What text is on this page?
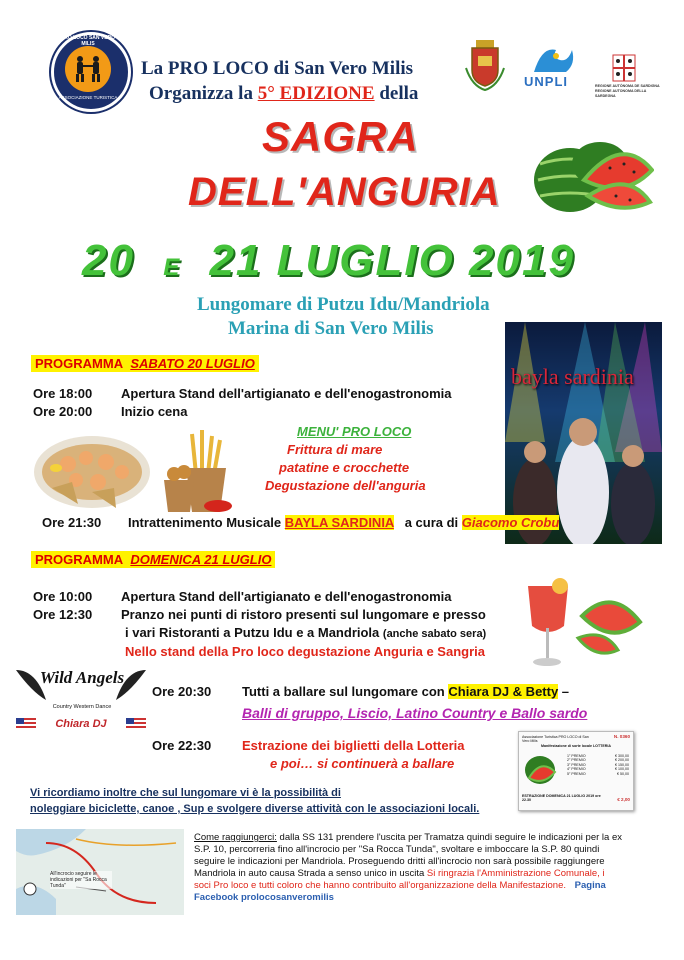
PRO LOCO SAN VERO MILIS
ASSOCIAZIONE TURISTICA
La PRO LOCO di San Vero Milis
Organizza la 5° EDIZIONE della
UNPLI	REGIONE AUTÒNOMA DE SARDIGNA REGIONE AUTONOMA DELLA SARDEGNA
SAGRA
DELL'ANGURIA
20 E 21 LUGLIO 2019
Lungomare di Putzu Idu/Mandriola
Marina di San Vero Milis
bayla sardinia
PROGRAMMA SABATO 20 LUGLIO
Ore 18:00 Apertura Stand dell'artigianato e dell'enogastronomia
Ore 20:00 Inizio cena
MENU' PRO LOCO
Frittura di mare
patatine e crocchette
Degustazione dell'anguria
Ore 21:30 Intrattenimento Musicale BAYLA SARDINIA a cura di Giacomo Crobu
PROGRAMMA DOMENICA 21 LUGLIO
Ore 10:00 Apertura Stand dell'artigianato e dell'enogastronomia
Ore 12:30 Pranzo nei punti di ristoro presenti sul lungomare e presso
i vari Ristoranti a Putzu Idu e a Mandriola (anche sabato sera)
Nello stand della Pro loco degustazione Anguria e Sangria
Wild Angels
Country Western Dance
Chiara DJ
Ore 20:30 Tutti a ballare sul lungomare con Chiara DJ & Betty –
Balli di gruppo, Liscio, Latino Country e Ballo sardo
Ore 22:30 Estrazione dei biglietti della Lotteria
e poi… si continuerà a ballare
Associazione Turistica PRO LOCO di San Vero Milis
N. 0360
Manifestazione di sorte locale LOTTERIA
1° PREMIO	€ 300,00
2° PREMIO	€ 200,00
3° PREMIO	€ 150,00
4° PREMIO	€ 100,00
5° PREMIO	€ 50,00
ESTRAZIONE DOMENICA 21 LUGLIO 2019 ore 22.30	€ 2,00
Vi ricordiamo inoltre che sul lungomare vi è la possibilità di
noleggiare biciclette, canoe , Sup e svolgere diverse attività con le associazioni locali.
All'incrocio seguire le indicazioni per "Sa Rocca Tunda"
Come raggiungerci: dalla SS 131 prendere l'uscita per Tramatza quindi seguire le indicazioni per la ex S.P. 10, percorreria fino all'incrocio per "Sa Rocca Tunda", svoltare e imboccare la S.P. 80 quindi seguire le indicazioni per Mandriola. Proseguendo dritti all'incrocio non sarà possibile raggiungere Mandriola in auto causa Strada a senso unico in uscita Si ringrazia l'Amministrazione Comunale, i soci Pro loco e tutti coloro che hanno contribuito all'organizzazione della Manifestazione. Pagina Facebook prolocosanveromilis
